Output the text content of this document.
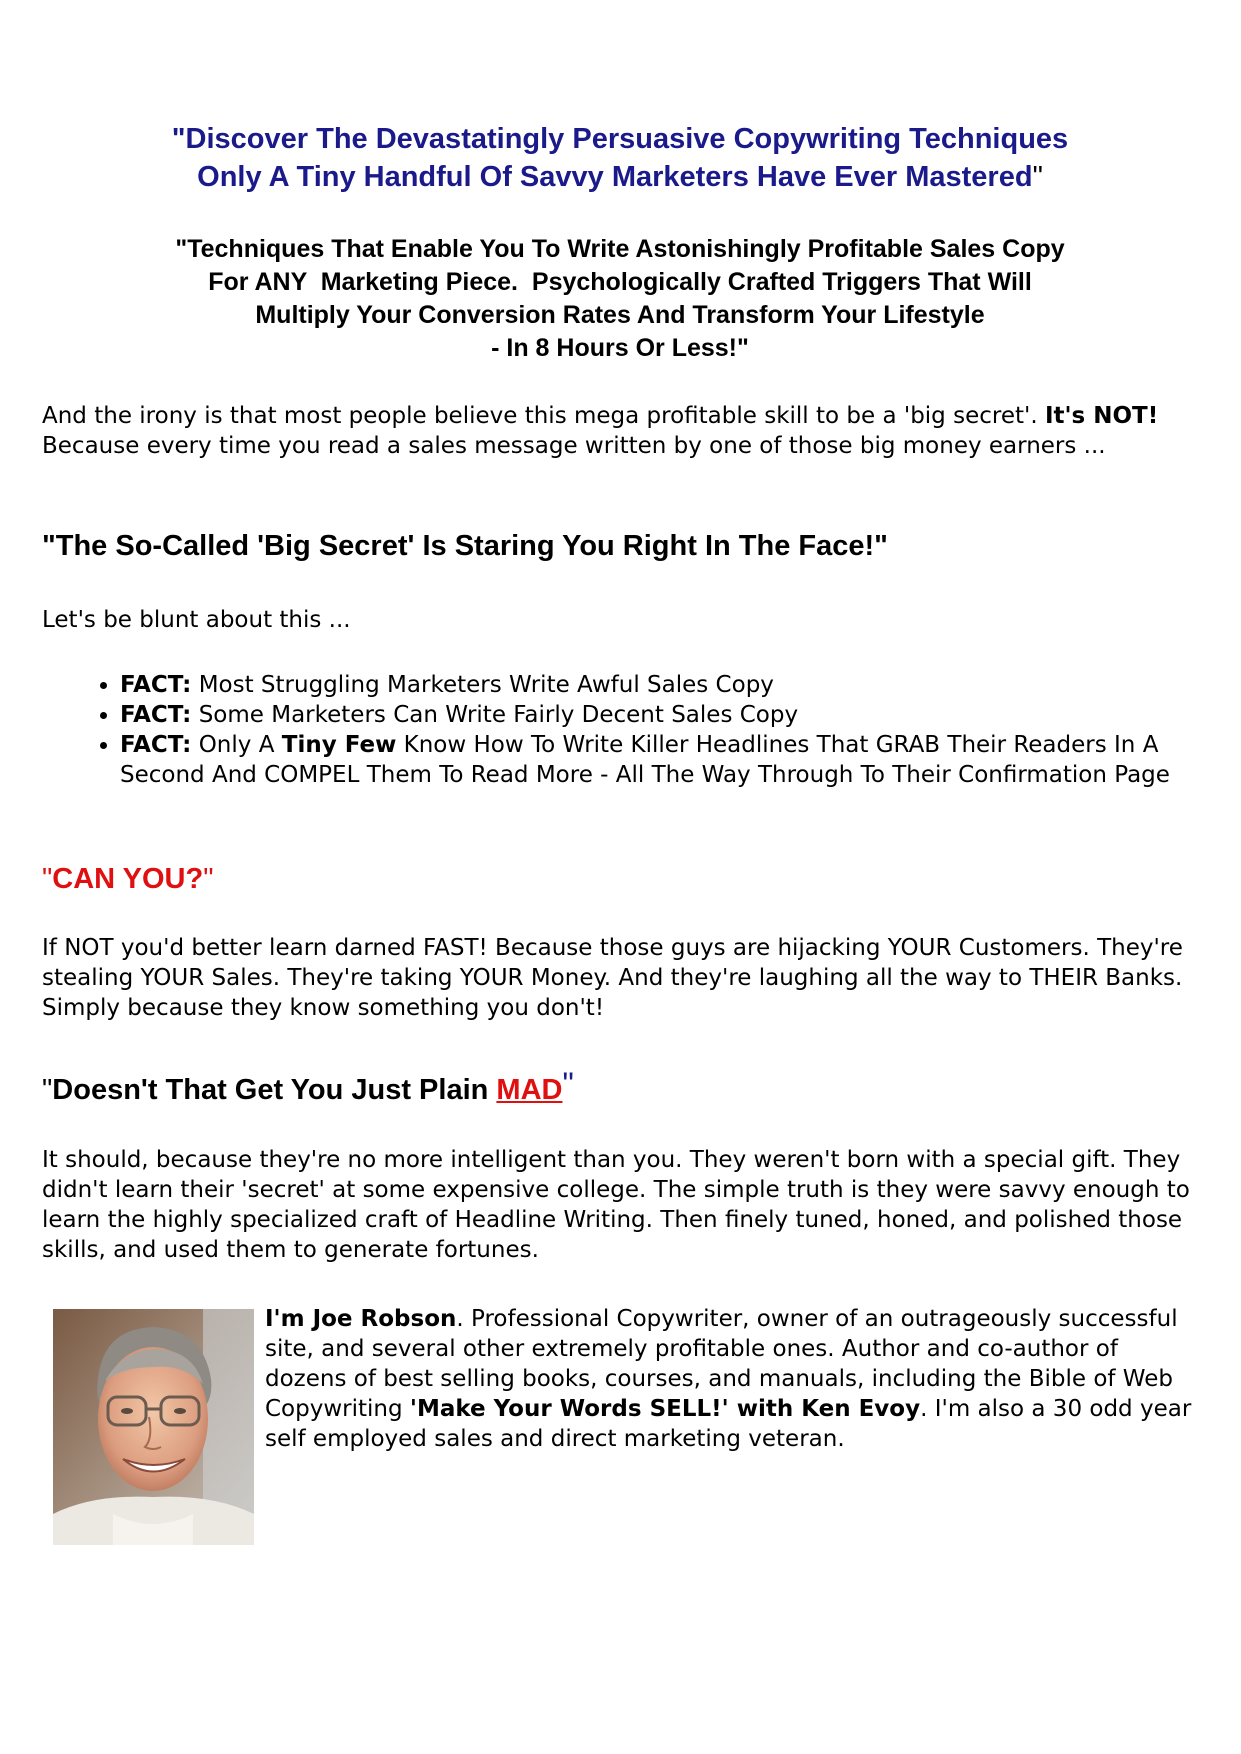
"Discover The Devastatingly Persuasive Copywriting Techniques
Only A Tiny Handful Of Savvy Marketers Have Ever Mastered"
"Techniques That Enable You To Write Astonishingly Profitable Sales Copy
For ANY  Marketing Piece.  Psychologically Crafted Triggers That Will
Multiply Your Conversion Rates And Transform Your Lifestyle
- In 8 Hours Or Less!"
And the irony is that most people believe this mega profitable skill to be a 'big secret'. It's NOT! Because every time you read a sales message written by one of those big money earners ...
"The So-Called 'Big Secret' Is Staring You Right In The Face!"
Let's be blunt about this ...
• FACT: Most Struggling Marketers Write Awful Sales Copy
• FACT: Some Marketers Can Write Fairly Decent Sales Copy
• FACT: Only A Tiny Few Know How To Write Killer Headlines That GRAB Their Readers In A Second And COMPEL Them To Read More - All The Way Through To Their Confirmation Page
"CAN YOU?"
If NOT you'd better learn darned FAST! Because those guys are hijacking YOUR Customers. They're stealing YOUR Sales. They're taking YOUR Money. And they're laughing all the way to THEIR Banks. Simply because they know something you don't!
"Doesn't That Get You Just Plain MAD"
It should, because they're no more intelligent than you. They weren't born with a special gift. They didn't learn their 'secret' at some expensive college. The simple truth is they were savvy enough to learn the highly specialized craft of Headline Writing. Then finely tuned, honed, and polished those skills, and used them to generate fortunes.
I'm Joe Robson. Professional Copywriter, owner of an outrageously successful site, and several other extremely profitable ones. Author and co-author of dozens of best selling books, courses, and manuals, including the Bible of Web Copywriting 'Make Your Words SELL!' with Ken Evoy. I'm also a 30 odd year self employed sales and direct marketing veteran.
